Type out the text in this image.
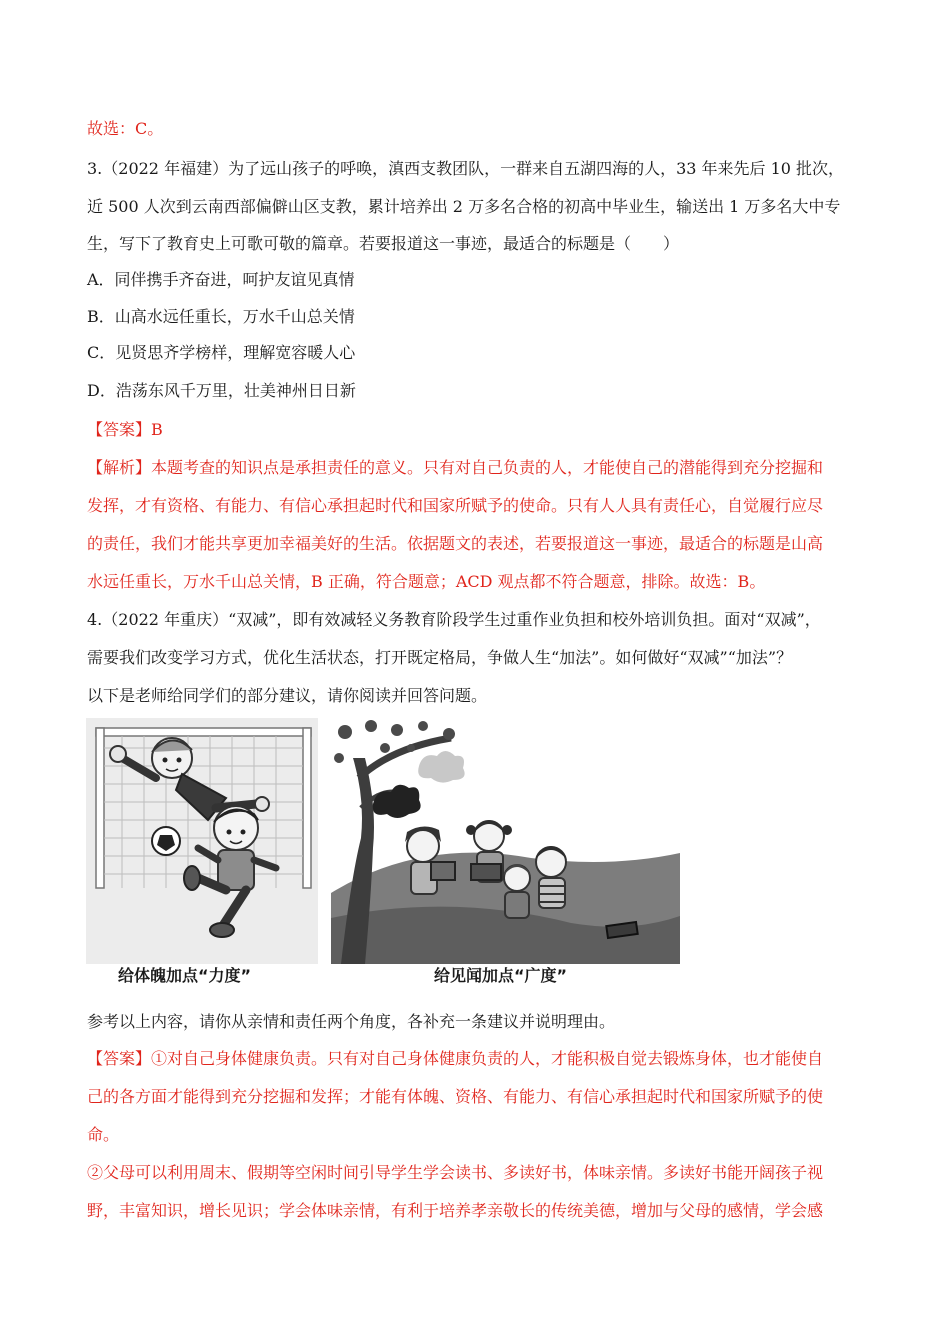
故选：C。
3.（2022 年福建）为了远山孩子的呼唤，滇西支教团队，一群来自五湖四海的人，33 年来先后 10 批次，
近 500 人次到云南西部偏僻山区支教，累计培养出 2 万多名合格的初高中毕业生，输送出 1 万多名大中专
生，写下了教育史上可歌可敬的篇章。若要报道这一事迹，最适合的标题是（　　）
A．同伴携手齐奋进，呵护友谊见真情
B．山高水远任重长，万水千山总关情
C．见贤思齐学榜样，理解宽容暖人心
D．浩荡东风千万里，壮美神州日日新
【答案】B
【解析】本题考查的知识点是承担责任的意义。只有对自己负责的人，才能使自己的潜能得到充分挖掘和
发挥，才有资格、有能力、有信心承担起时代和国家所赋予的使命。只有人人具有责任心，自觉履行应尽
的责任，我们才能共享更加幸福美好的生活。依据题文的表述，若要报道这一事迹，最适合的标题是山高
水远任重长，万水千山总关情，B 正确，符合题意；ACD 观点都不符合题意，排除。故选：B。
4.（2022 年重庆）“双减”，即有效减轻义务教育阶段学生过重作业负担和校外培训负担。面对“双减”，
需要我们改变学习方式，优化生活状态，打开既定格局，争做人生“加法”。如何做好“双减”“加法”？
以下是老师给同学们的部分建议，请你阅读并回答问题。
给体魄加点“力度”	给见闻加点“广度”
参考以上内容，请你从亲情和责任两个角度，各补充一条建议并说明理由。
【答案】①对自己身体健康负责。只有对自己身体健康负责的人，才能积极自觉去锻炼身体，也才能使自
己的各方面才能得到充分挖掘和发挥；才能有体魄、资格、有能力、有信心承担起时代和国家所赋予的使
命。
②父母可以利用周末、假期等空闲时间引导学生学会读书、多读好书，体味亲情。多读好书能开阔孩子视
野，丰富知识，增长见识；学会体味亲情，有利于培养孝亲敬长的传统美德，增加与父母的感情，学会感
